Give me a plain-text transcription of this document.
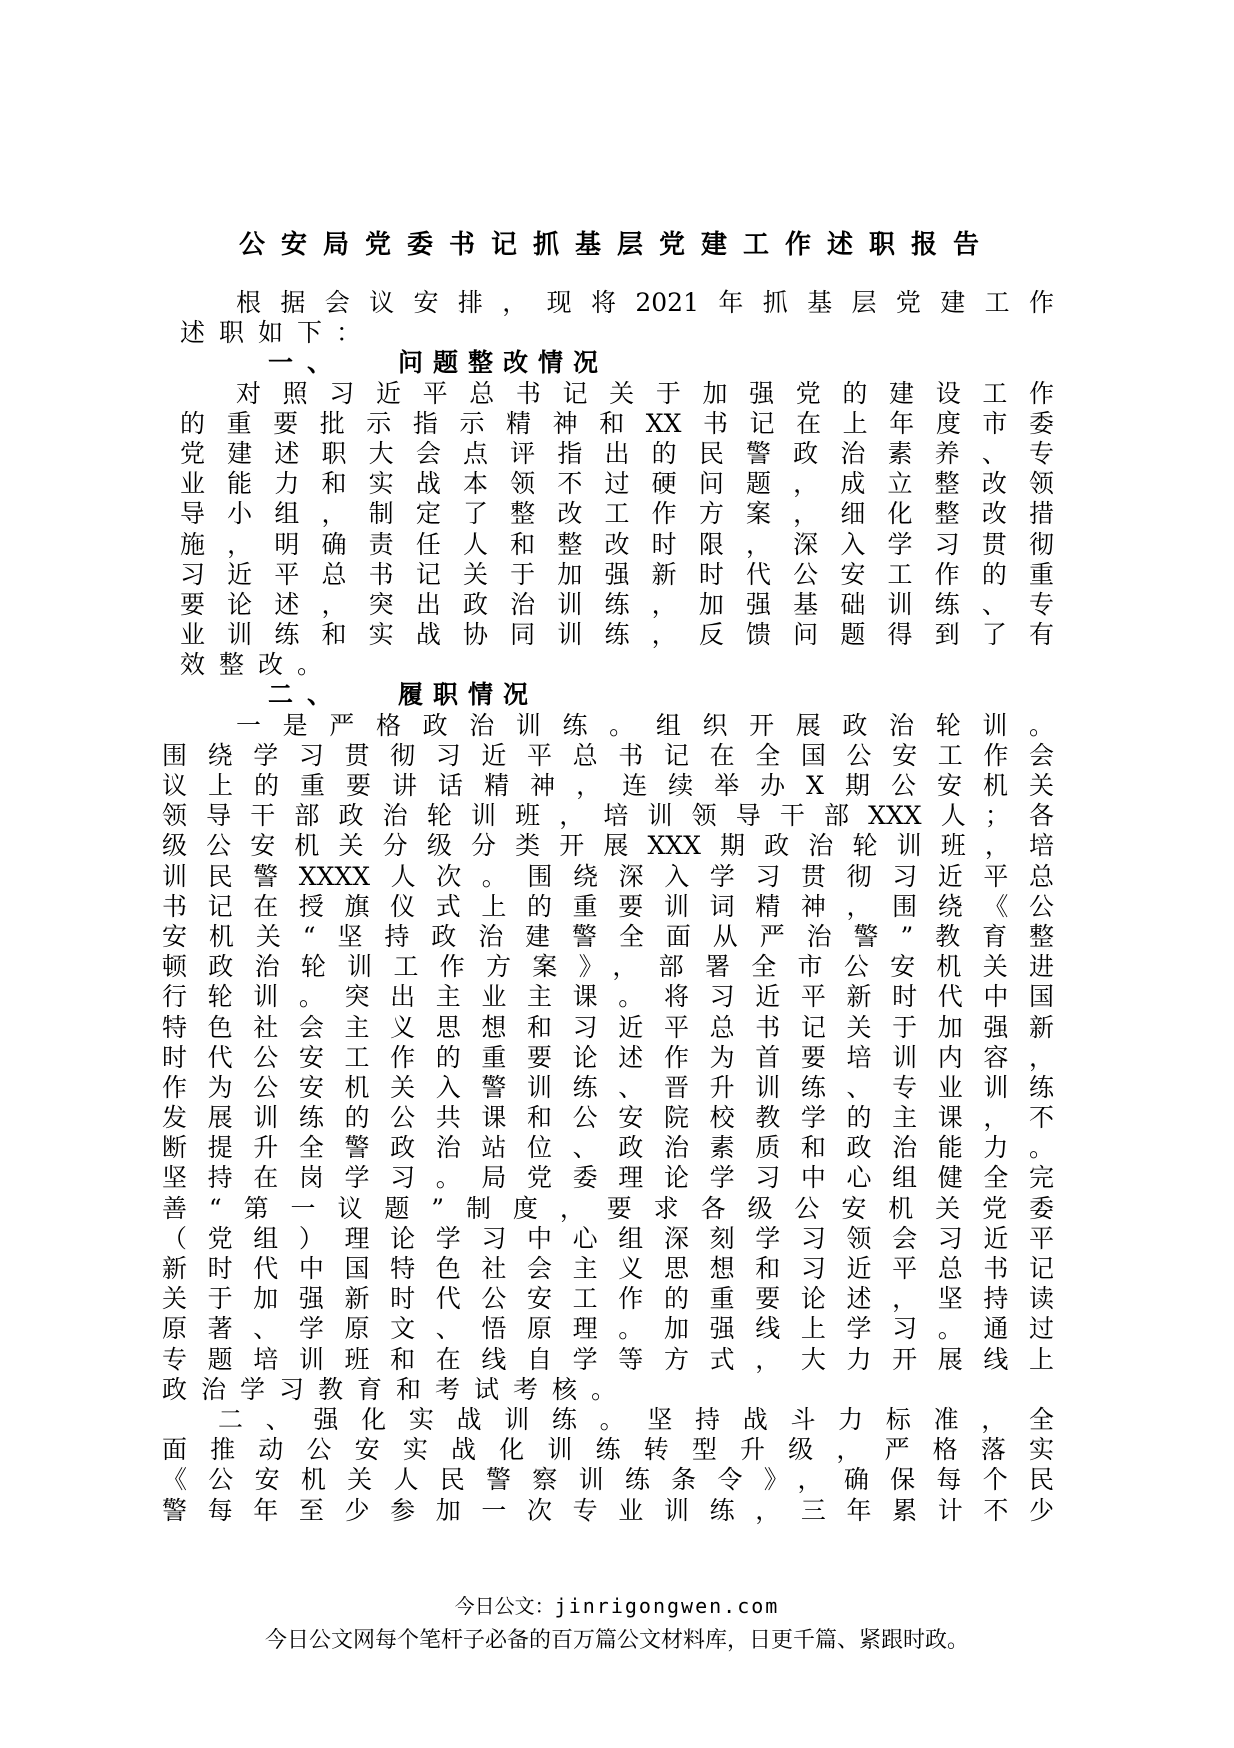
公安局党委书记抓基层党建工作述职报告
根据会议安排，现将2021年抓基层党建工作
述职如下：
一、 问题整改情况
对照习近平总书记关于加强党的建设工作
的重要批示指示精神和XX书记在上年度市委
党建述职大会点评指出的民警政治素养、专
业能力和实战本领不过硬问题，成立整改领
导小组，制定了整改工作方案，细化整改措
施，明确责任人和整改时限，深入学习贯彻
习近平总书记关于加强新时代公安工作的重
要论述，突出政治训练，加强基础训练、专
业训练和实战协同训练，反馈问题得到了有
效整改。
二、 履职情况
一是严格政治训练。组织开展政治轮训。
围绕学习贯彻习近平总书记在全国公安工作会
议上的重要讲话精神，连续举办X期公安机关
领导干部政治轮训班，培训领导干部XXX人；各
级公安机关分级分类开展XXX期政治轮训班，培
训民警XXXX人次。围绕深入学习贯彻习近平总
书记在授旗仪式上的重要训词精神，围绕《公
安机关“坚持政治建警全面从严治警”教育整
顿政治轮训工作方案》，部署全市公安机关进
行轮训。突出主业主课。将习近平新时代中国
特色社会主义思想和习近平总书记关于加强新
时代公安工作的重要论述作为首要培训内容，
作为公安机关入警训练、晋升训练、专业训练
发展训练的公共课和公安院校教学的主课，不
断提升全警政治站位、政治素质和政治能力。
坚持在岗学习。局党委理论学习中心组健全完
善“第一议题”制度，要求各级公安机关党委
（党组）理论学习中心组深刻学习领会习近平
新时代中国特色社会主义思想和习近平总书记
关于加强新时代公安工作的重要论述，坚持读
原著、学原文、悟原理。加强线上学习。通过
专题培训班和在线自学等方式，大力开展线上
政治学习教育和考试考核。
二、强化实战训练。坚持战斗力标准，全
面推动公安实战化训练转型升级，严格落实
《公安机关人民警察训练条令》，确保每个民
警每年至少参加一次专业训练，三年累计不少
今日公文：jinrigongwen.com
今日公文网每个笔杆子必备的百万篇公文材料库，日更千篇、紧跟时政。
